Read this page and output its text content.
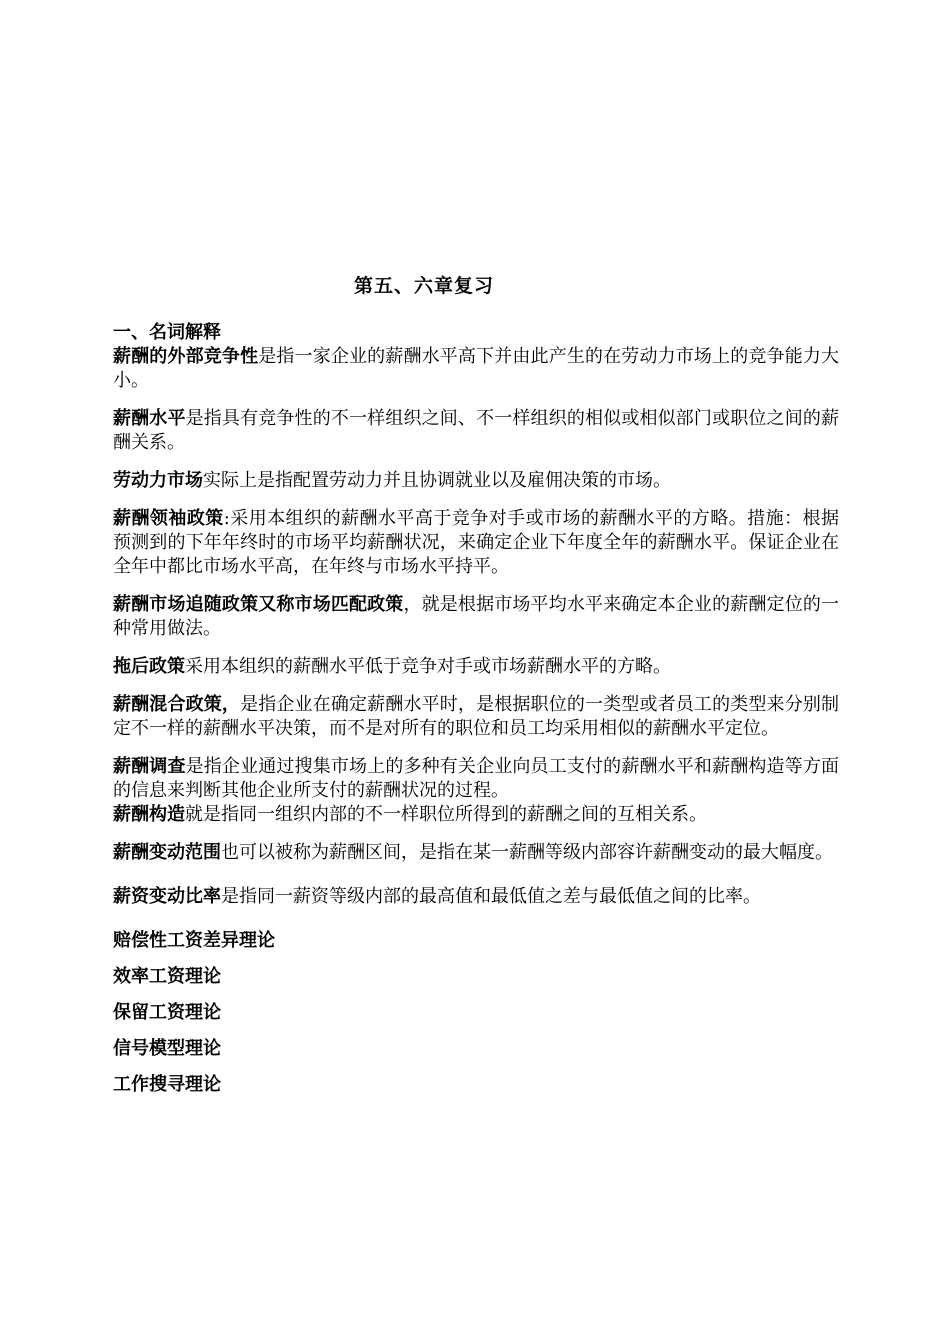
第五、六章复习

一、名词解释

薪酬的外部竞争性是指一家企业的薪酬水平高下并由此产生的在劳动力市场上的竞争能力大小。

薪酬水平是指具有竞争性的不一样组织之间、不一样组织的相似或相似部门或职位之间的薪酬关系。

劳动力市场实际上是指配置劳动力并且协调就业以及雇佣决策的市场。

薪酬领袖政策:采用本组织的薪酬水平高于竞争对手或市场的薪酬水平的方略。措施：根据预测到的下年年终时的市场平均薪酬状况，来确定企业下年度全年的薪酬水平。保证企业在全年中都比市场水平高，在年终与市场水平持平。

薪酬市场追随政策又称市场匹配政策，就是根据市场平均水平来确定本企业的薪酬定位的一种常用做法。

拖后政策采用本组织的薪酬水平低于竞争对手或市场薪酬水平的方略。

薪酬混合政策，是指企业在确定薪酬水平时，是根据职位的一类型或者员工的类型来分别制定不一样的薪酬水平决策，而不是对所有的职位和员工均采用相似的薪酬水平定位。

薪酬调查是指企业通过搜集市场上的多种有关企业向员工支付的薪酬水平和薪酬构造等方面的信息来判断其他企业所支付的薪酬状况的过程。

薪酬构造就是指同一组织内部的不一样职位所得到的薪酬之间的互相关系。

薪酬变动范围也可以被称为薪酬区间，是指在某一薪酬等级内部容许薪酬变动的最大幅度。

薪资变动比率是指同一薪资等级内部的最高值和最低值之差与最低值之间的比率。

赔偿性工资差异理论

效率工资理论

保留工资理论

信号模型理论

工作搜寻理论
